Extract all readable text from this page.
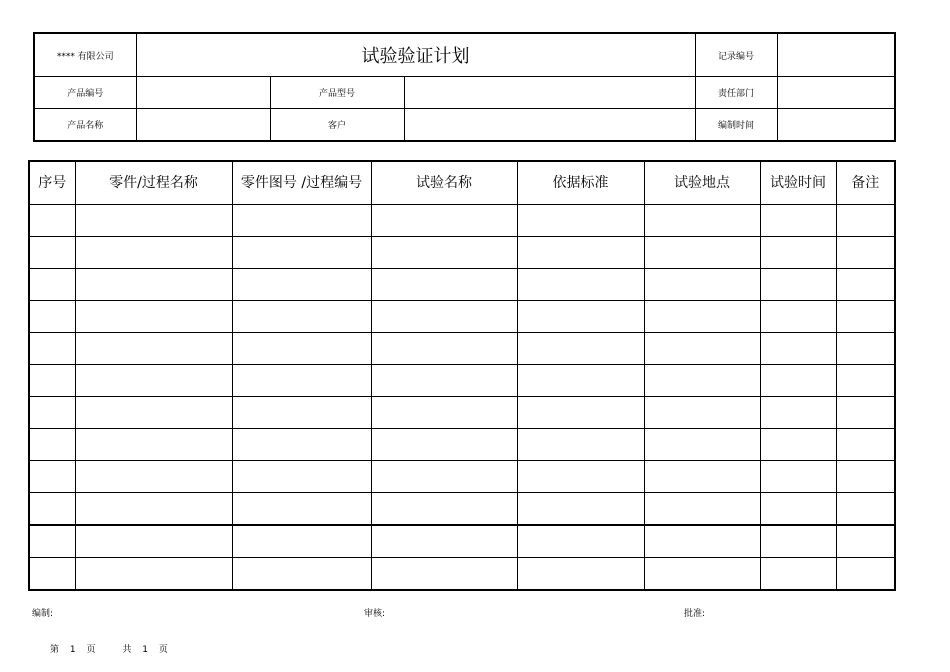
**** 有限公司	试验验证计划			记录编号	
产品编号		产品型号		责任部门	
产品名称		客户		编制时间	
序号	零件/过程名称	零件图号 /过程编号	试验名称	依据标准	试验地点	试验时间	备注

编制:	审核:	批准:
第 1 页	共 1 页
